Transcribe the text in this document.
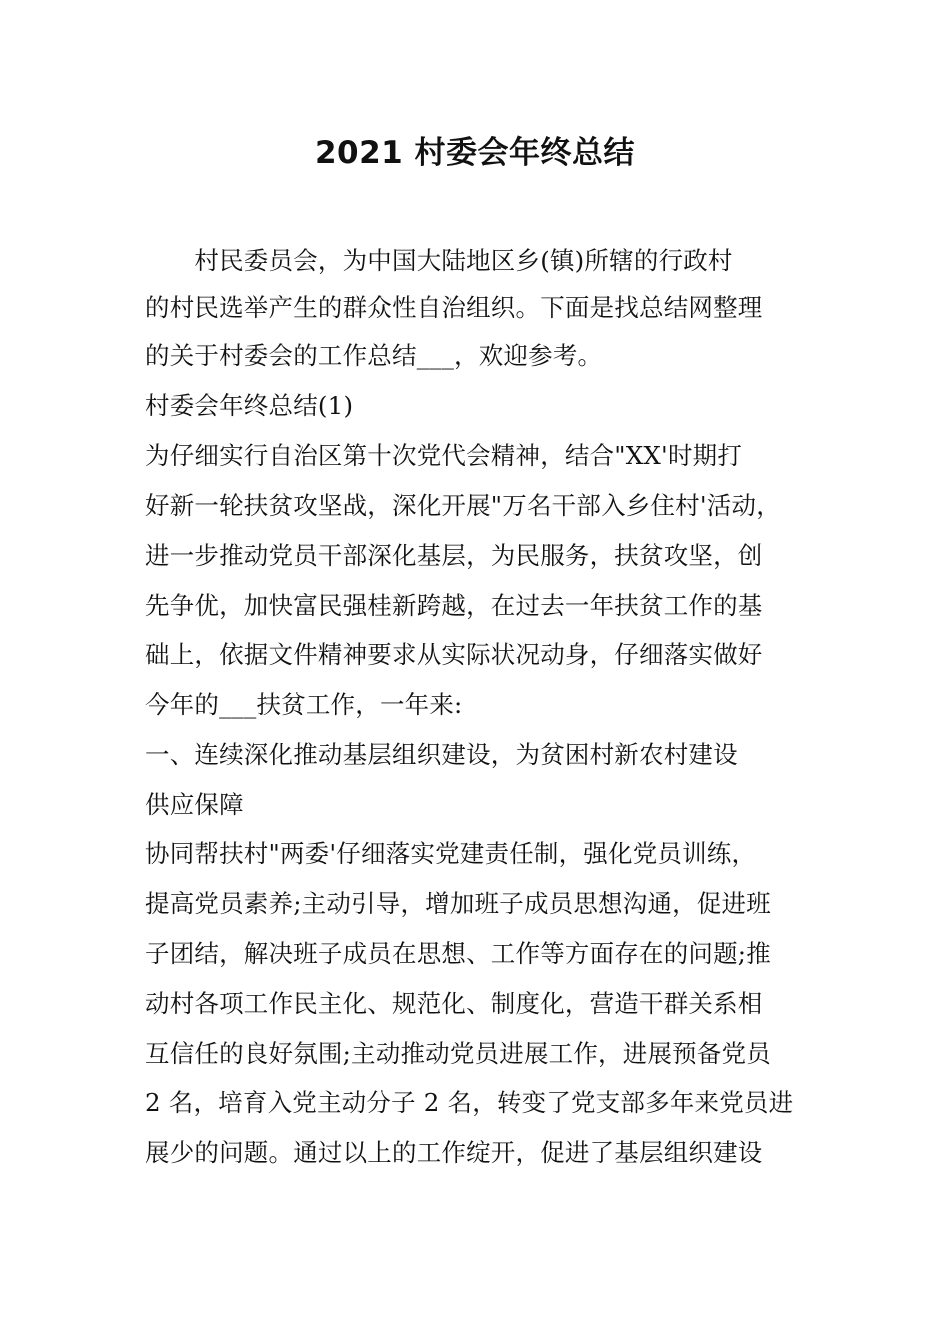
2021 村委会年终总结
　　村民委员会，为中国大陆地区乡(镇)所辖的行政村
的村民选举产生的群众性自治组织。下面是找总结网整理
的关于村委会的工作总结___，欢迎参考。
村委会年终总结(1)
为仔细实行自治区第十次党代会精神，结合"XX'时期打
好新一轮扶贫攻坚战，深化开展"万名干部入乡住村'活动，
进一步推动党员干部深化基层，为民服务，扶贫攻坚，创
先争优，加快富民强桂新跨越，在过去一年扶贫工作的基
础上，依据文件精神要求从实际状况动身，仔细落实做好
今年的___扶贫工作，一年来:
一、连续深化推动基层组织建设，为贫困村新农村建设
供应保障
协同帮扶村"两委'仔细落实党建责任制，强化党员训练，
提高党员素养;主动引导，增加班子成员思想沟通，促进班
子团结，解决班子成员在思想、工作等方面存在的问题;推
动村各项工作民主化、规范化、制度化，营造干群关系相
互信任的良好氛围;主动推动党员进展工作，进展预备党员
2 名，培育入党主动分子 2 名，转变了党支部多年来党员进
展少的问题。通过以上的工作绽开，促进了基层组织建设
